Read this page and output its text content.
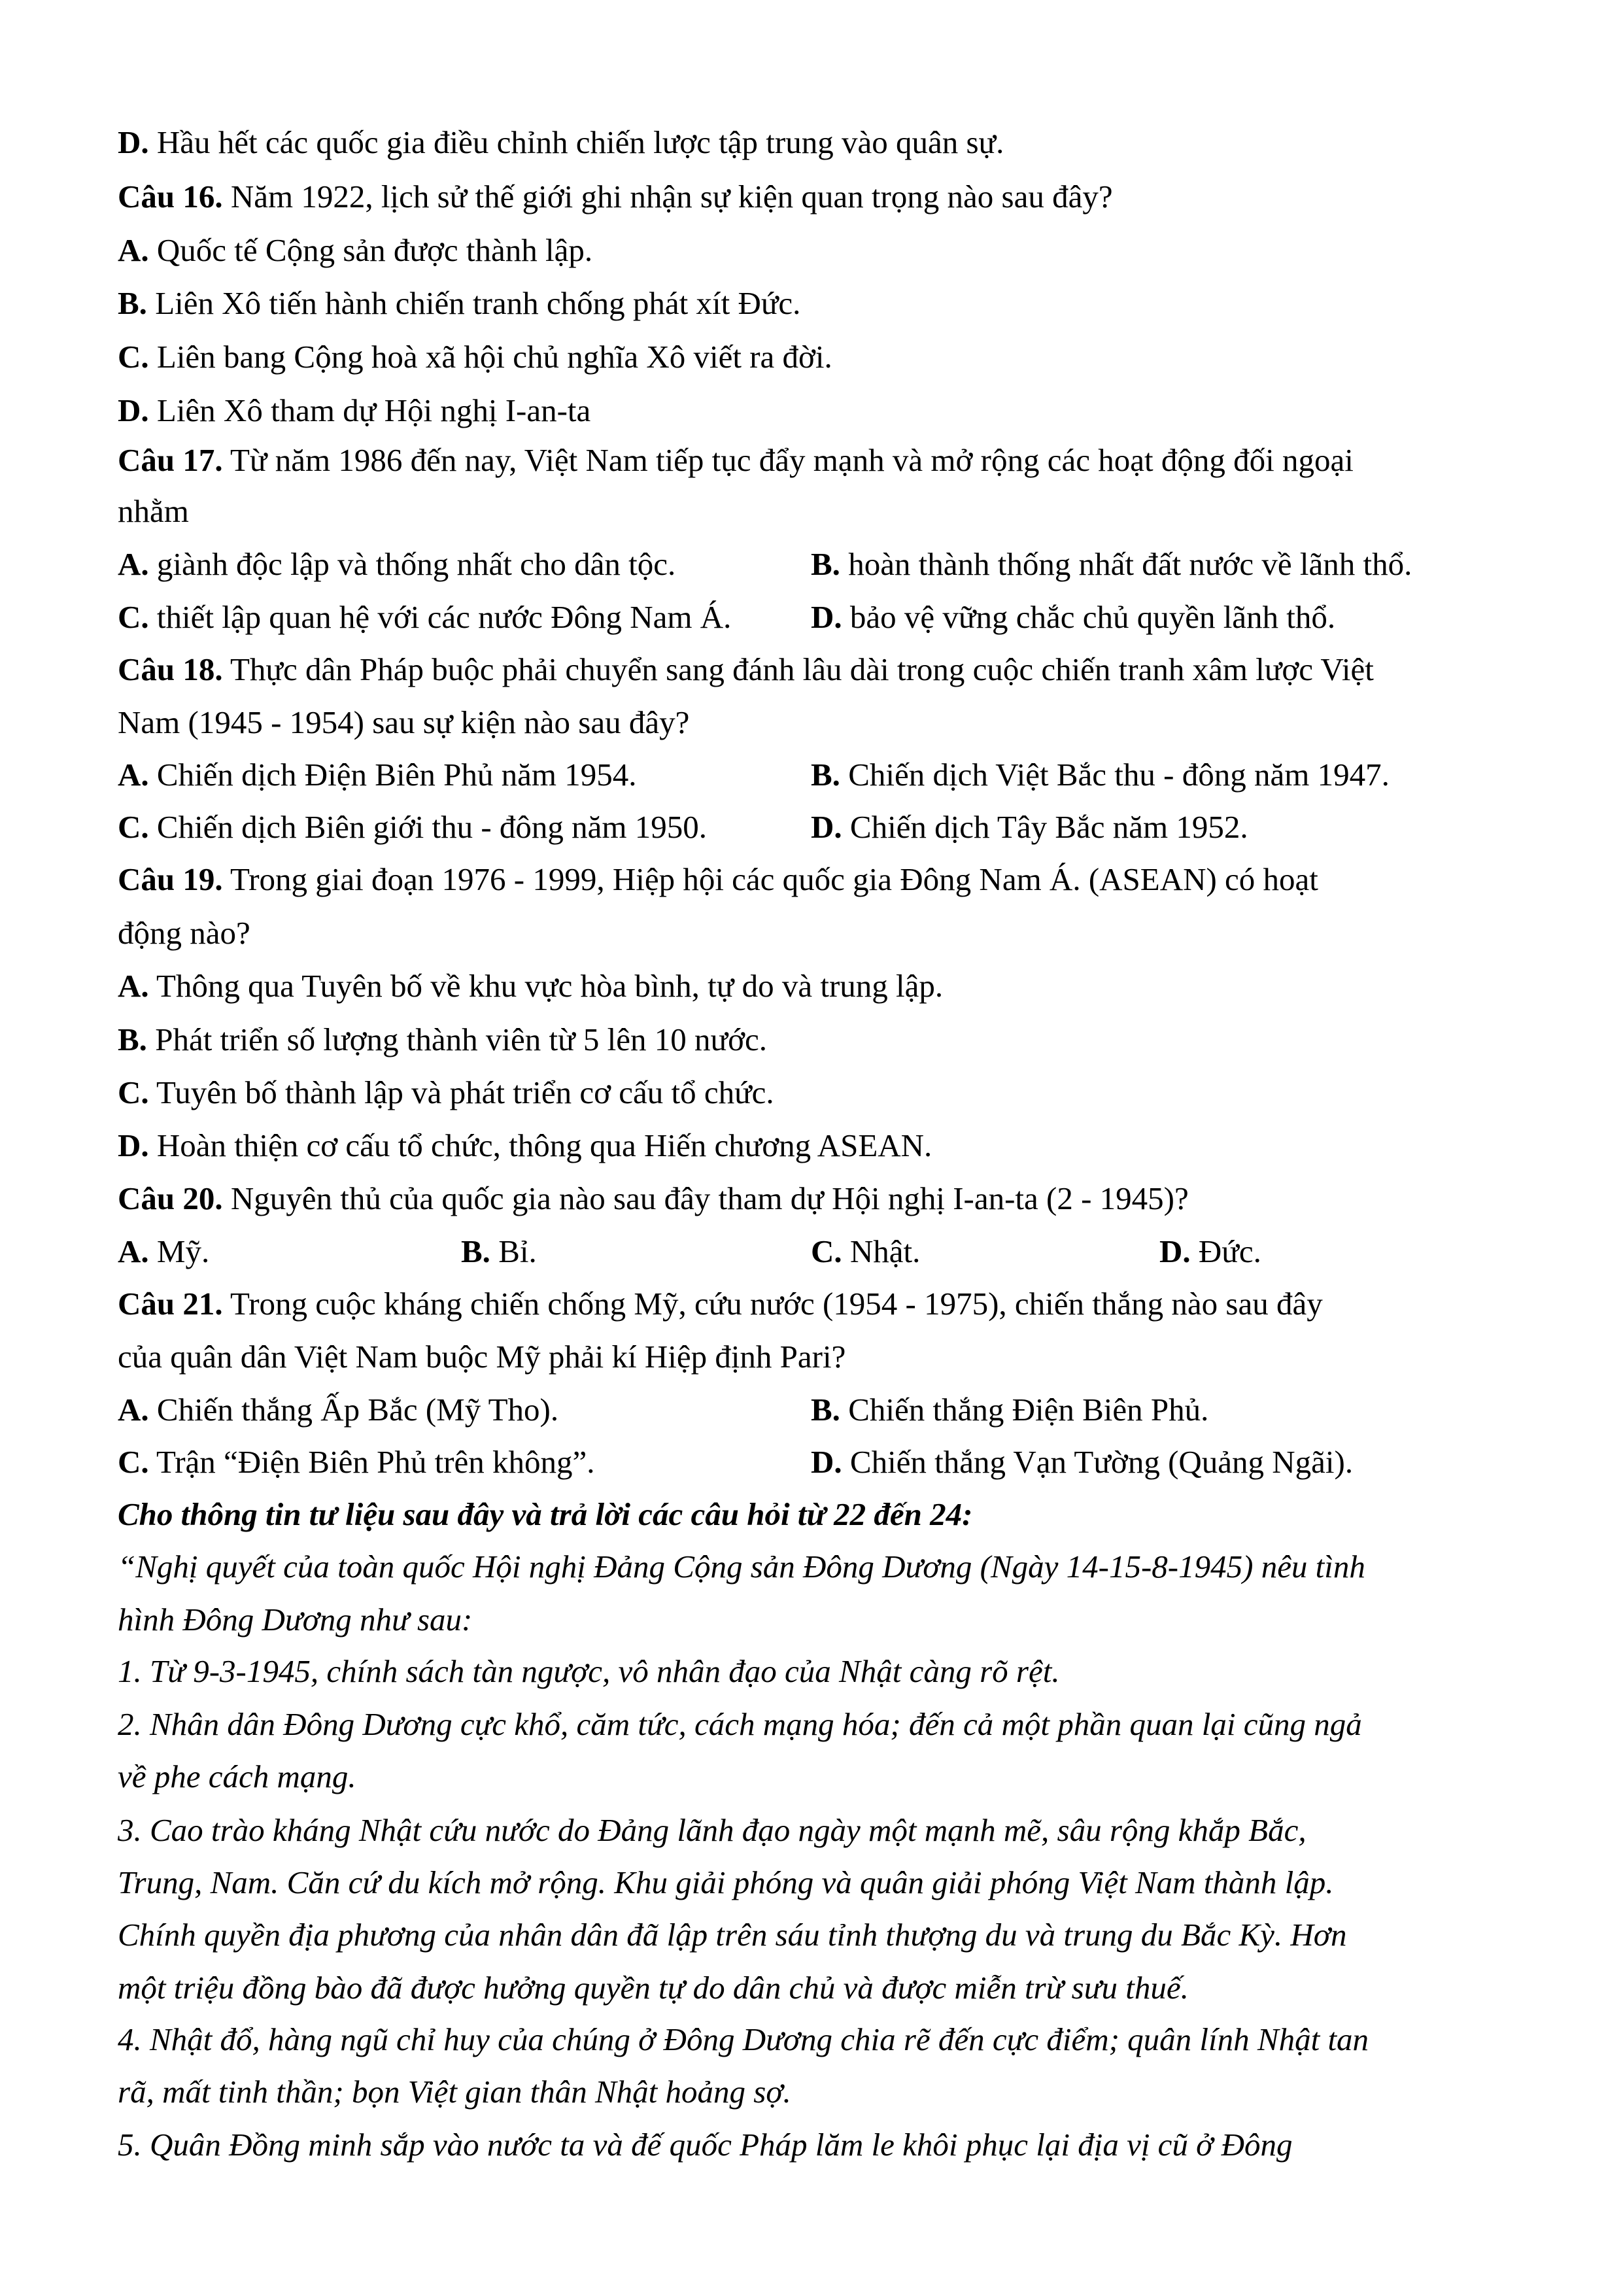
D. Hầu hết các quốc gia điều chỉnh chiến lược tập trung vào quân sự.

Câu 16. Năm 1922, lịch sử thế giới ghi nhận sự kiện quan trọng nào sau đây?

A. Quốc tế Cộng sản được thành lập.

B. Liên Xô tiến hành chiến tranh chống phát xít Đức.

C. Liên bang Cộng hoà xã hội chủ nghĩa Xô viết ra đời.

D. Liên Xô tham dự Hội nghị I-an-ta

Câu 17. Từ năm 1986 đến nay, Việt Nam tiếp tục đẩy mạnh và mở rộng các hoạt động đối ngoại

nhằm

A. giành độc lập và thống nhất cho dân tộc.	B. hoàn thành thống nhất đất nước về lãnh thổ.

C. thiết lập quan hệ với các nước Đông Nam Á. D. bảo vệ vững chắc chủ quyền lãnh thổ.

Câu 18. Thực dân Pháp buộc phải chuyển sang đánh lâu dài trong cuộc chiến tranh xâm lược Việt

Nam (1945 - 1954) sau sự kiện nào sau đây?

A. Chiến dịch Điện Biên Phủ năm 1954.	B. Chiến dịch Việt Bắc thu - đông năm 1947.

C. Chiến dịch Biên giới thu - đông năm 1950.	D. Chiến dịch Tây Bắc năm 1952.

Câu 19. Trong giai đoạn 1976 - 1999, Hiệp hội các quốc gia Đông Nam Á. (ASEAN) có hoạt

động nào?

A. Thông qua Tuyên bố về khu vực hòa bình, tự do và trung lập.

B. Phát triển số lượng thành viên từ 5 lên 10 nước.

C. Tuyên bố thành lập và phát triển cơ cấu tổ chức.

D. Hoàn thiện cơ cấu tổ chức, thông qua Hiến chương ASEAN.

Câu 20. Nguyên thủ của quốc gia nào sau đây tham dự Hội nghị I-an-ta (2 - 1945)?

A. Mỹ.	B. Bỉ.	C. Nhật.	D. Đức.

Câu 21. Trong cuộc kháng chiến chống Mỹ, cứu nước (1954 - 1975), chiến thắng nào sau đây

của quân dân Việt Nam buộc Mỹ phải kí Hiệp định Pari?

A. Chiến thắng Ấp Bắc (Mỹ Tho).	B. Chiến thắng Điện Biên Phủ.

C. Trận “Điện Biên Phủ trên không”.	D. Chiến thắng Vạn Tường (Quảng Ngãi).

Cho thông tin tư liệu sau đây và trả lời các câu hỏi từ 22 đến 24:

“Nghị quyết của toàn quốc Hội nghị Đảng Cộng sản Đông Dương (Ngày 14-15-8-1945) nêu tình

hình Đông Dương như sau:

1. Từ 9-3-1945, chính sách tàn ngược, vô nhân đạo của Nhật càng rõ rệt.

2. Nhân dân Đông Dương cực khổ, căm tức, cách mạng hóa; đến cả một phần quan lại cũng ngả

về phe cách mạng.

3. Cao trào kháng Nhật cứu nước do Đảng lãnh đạo ngày một mạnh mẽ, sâu rộng khắp Bắc,

Trung, Nam. Căn cứ du kích mở rộng. Khu giải phóng và quân giải phóng Việt Nam thành lập.

Chính quyền địa phương của nhân dân đã lập trên sáu tỉnh thượng du và trung du Bắc Kỳ. Hơn

một triệu đồng bào đã được hưởng quyền tự do dân chủ và được miễn trừ sưu thuế.

4. Nhật đổ, hàng ngũ chỉ huy của chúng ở Đông Dương chia rẽ đến cực điểm; quân lính Nhật tan

rã, mất tinh thần; bọn Việt gian thân Nhật hoảng sợ.

5. Quân Đồng minh sắp vào nước ta và đế quốc Pháp lăm le khôi phục lại địa vị cũ ở Đông
